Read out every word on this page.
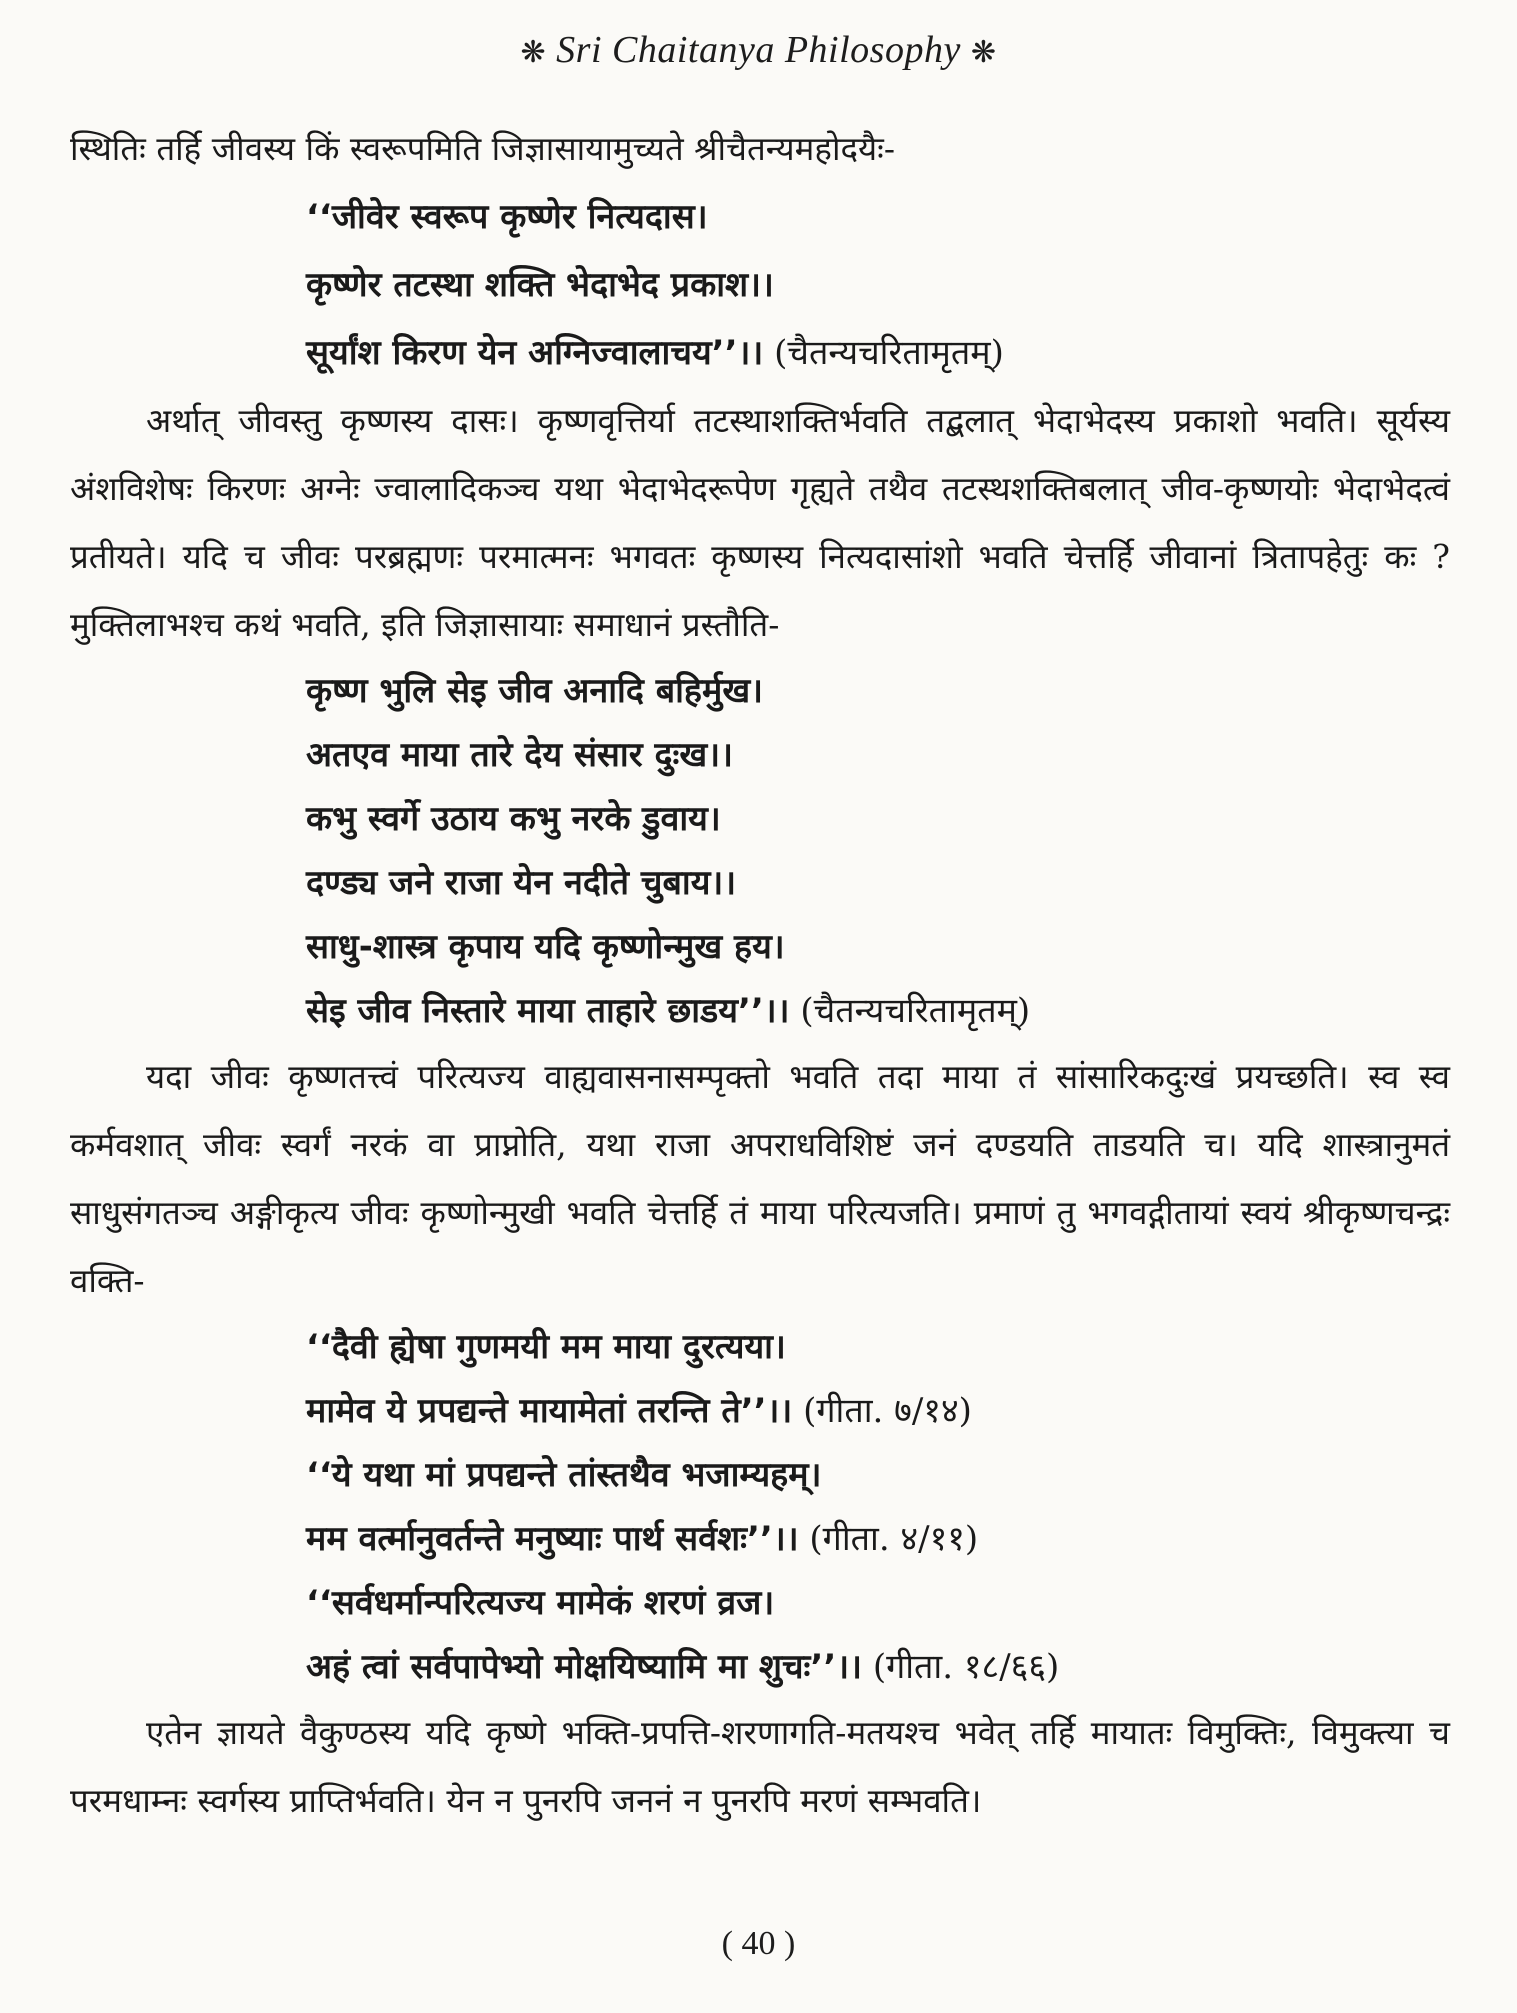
❋ Sri Chaitanya Philosophy ❋

स्थितिः तर्हि जीवस्य किं स्वरूपमिति जिज्ञासायामुच्यते श्रीचैतन्यमहोदयैः-

‘‘जीवेर स्वरूप कृष्णेर नित्यदास।
कृष्णेर तटस्था शक्ति भेदाभेद प्रकाश।।
सूर्यांश किरण येन अग्निज्वालाचय’’।। (चैतन्यचरितामृतम्)

अर्थात् जीवस्तु कृष्णस्य दासः। कृष्णवृत्तिर्या तटस्थाशक्तिर्भवति तद्बलात् भेदाभेदस्य प्रकाशो भवति। सूर्यस्य अंशविशेषः किरणः अग्नेः ज्वालादिकञ्च यथा भेदाभेदरूपेण गृह्यते तथैव तटस्थशक्तिबलात् जीव-कृष्णयोः भेदाभेदत्वं प्रतीयते। यदि च जीवः परब्रह्मणः परमात्मनः भगवतः कृष्णस्य नित्यदासांशो भवति चेत्तर्हि जीवानां त्रितापहेतुः कः ? मुक्तिलाभश्च कथं भवति, इति जिज्ञासायाः समाधानं प्रस्तौति-

कृष्ण भुलि सेइ जीव अनादि बहिर्मुख।
अतएव माया तारे देय संसार दुःख।।
कभु स्वर्गे उठाय कभु नरके डुवाय।
दण्ड्य जने राजा येन नदीते चुबाय।।
साधु-शास्त्र कृपाय यदि कृष्णोन्मुख हय।
सेइ जीव निस्तारे माया ताहारे छाडय’’।। (चैतन्यचरितामृतम्)

यदा जीवः कृष्णतत्त्वं परित्यज्य वाह्यवासनासम्पृक्तो भवति तदा माया तं सांसारिकदुःखं प्रयच्छति। स्व स्व कर्मवशात् जीवः स्वर्गं नरकं वा प्राप्नोति, यथा राजा अपराधविशिष्टं जनं दण्डयति ताडयति च। यदि शास्त्रानुमतं साधुसंगतञ्च अङ्गीकृत्य जीवः कृष्णोन्मुखी भवति चेत्तर्हि तं माया परित्यजति। प्रमाणं तु भगवद्गीतायां स्वयं श्रीकृष्णचन्द्रः वक्ति-

‘‘दैवी ह्येषा गुणमयी मम माया दुरत्यया।
मामेव ये प्रपद्यन्ते मायामेतां तरन्ति ते’’।। (गीता. ७/१४)
‘‘ये यथा मां प्रपद्यन्ते तांस्तथैव भजाम्यहम्।
मम वर्त्मानुवर्तन्ते मनुष्याः पार्थ सर्वशः’’।। (गीता. ४/११)
‘‘सर्वधर्मान्परित्यज्य मामेकं शरणं व्रज।
अहं त्वां सर्वपापेभ्यो मोक्षयिष्यामि मा शुचः’’।। (गीता. १८/६६)

एतेन ज्ञायते वैकुण्ठस्य यदि कृष्णे भक्ति-प्रपत्ति-शरणागति-मतयश्च भवेत् तर्हि मायातः विमुक्तिः, विमुक्त्या च परमधाम्नः स्वर्गस्य प्राप्तिर्भवति। येन न पुनरपि जननं न पुनरपि मरणं सम्भवति।

( 40 )
